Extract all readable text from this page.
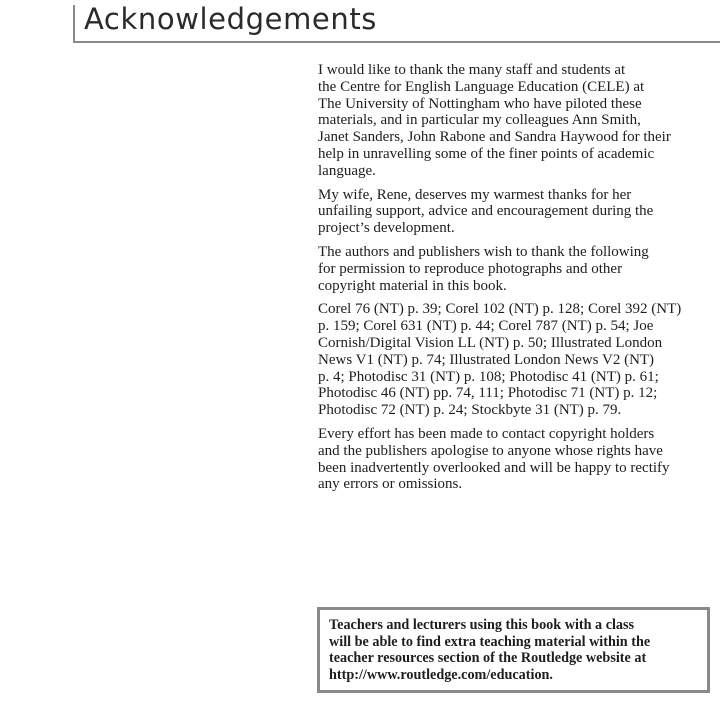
Acknowledgements

I would like to thank the many staff and students at
the Centre for English Language Education (CELE) at
The University of Nottingham who have piloted these
materials, and in particular my colleagues Ann Smith,
Janet Sanders, John Rabone and Sandra Haywood for their
help in unravelling some of the finer points of academic
language.

My wife, Rene, deserves my warmest thanks for her
unfailing support, advice and encouragement during the
project’s development.

The authors and publishers wish to thank the following
for permission to reproduce photographs and other
copyright material in this book.

Corel 76 (NT) p. 39; Corel 102 (NT) p. 128; Corel 392 (NT)
p. 159; Corel 631 (NT) p. 44; Corel 787 (NT) p. 54; Joe
Cornish/Digital Vision LL (NT) p. 50; Illustrated London
News V1 (NT) p. 74; Illustrated London News V2 (NT)
p. 4; Photodisc 31 (NT) p. 108; Photodisc 41 (NT) p. 61;
Photodisc 46 (NT) pp. 74, 111; Photodisc 71 (NT) p. 12;
Photodisc 72 (NT) p. 24; Stockbyte 31 (NT) p. 79.

Every effort has been made to contact copyright holders
and the publishers apologise to anyone whose rights have
been inadvertently overlooked and will be happy to rectify
any errors or omissions.

Teachers and lecturers using this book with a class
will be able to find extra teaching material within the
teacher resources section of the Routledge website at
http://www.routledge.com/education.
